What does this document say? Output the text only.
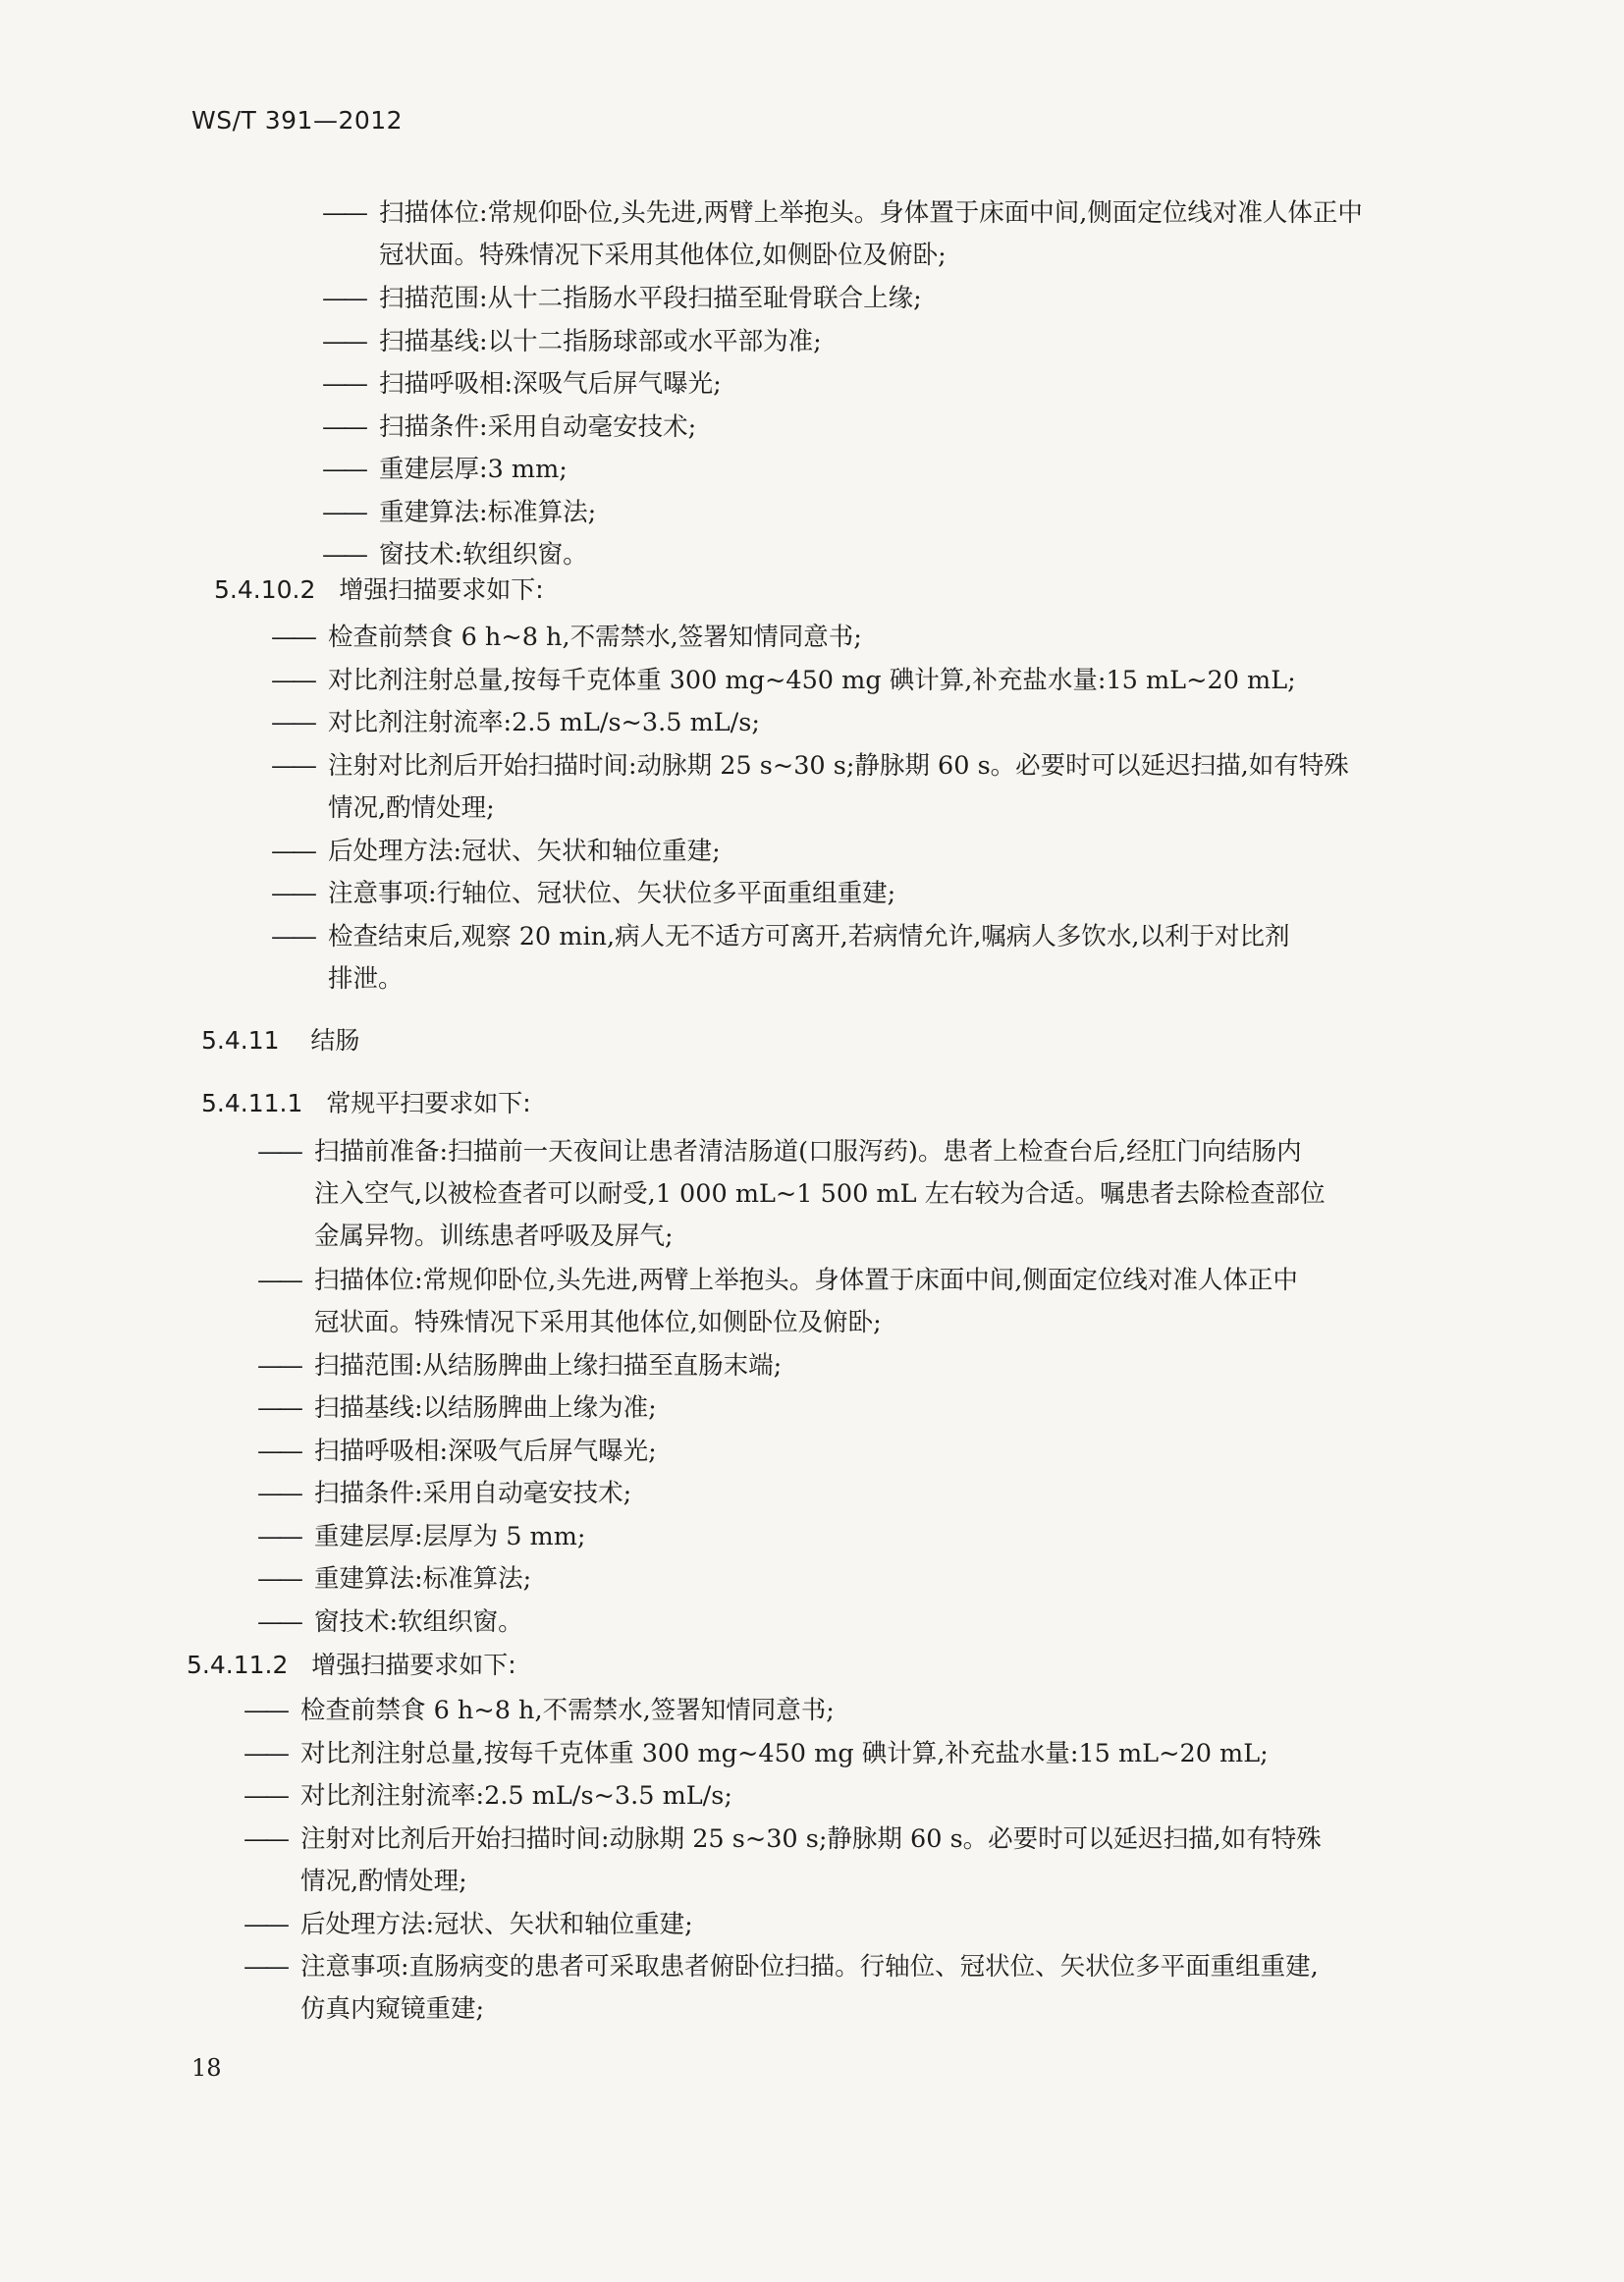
WS/T 391—2012
—— 扫描体位:常规仰卧位,头先进,两臂上举抱头。身体置于床面中间,侧面定位线对准人体正中
冠状面。特殊情况下采用其他体位,如侧卧位及俯卧;
—— 扫描范围:从十二指肠水平段扫描至耻骨联合上缘;
—— 扫描基线:以十二指肠球部或水平部为准;
—— 扫描呼吸相:深吸气后屏气曝光;
—— 扫描条件:采用自动毫安技术;
—— 重建层厚:3 mm;
—— 重建算法:标准算法;
—— 窗技术:软组织窗。
5.4.10.2 增强扫描要求如下:
—— 检查前禁食 6 h~8 h,不需禁水,签署知情同意书;
—— 对比剂注射总量,按每千克体重 300 mg~450 mg 碘计算,补充盐水量:15 mL~20 mL;
—— 对比剂注射流率:2.5 mL/s~3.5 mL/s;
—— 注射对比剂后开始扫描时间:动脉期 25 s~30 s;静脉期 60 s。必要时可以延迟扫描,如有特殊
情况,酌情处理;
—— 后处理方法:冠状、矢状和轴位重建;
—— 注意事项:行轴位、冠状位、矢状位多平面重组重建;
—— 检查结束后,观察 20 min,病人无不适方可离开,若病情允许,嘱病人多饮水,以利于对比剂
排泄。
5.4.11 结肠
5.4.11.1 常规平扫要求如下:
—— 扫描前准备:扫描前一天夜间让患者清洁肠道(口服泻药)。患者上检查台后,经肛门向结肠内
注入空气,以被检查者可以耐受,1 000 mL~1 500 mL 左右较为合适。嘱患者去除检查部位
金属异物。训练患者呼吸及屏气;
—— 扫描体位:常规仰卧位,头先进,两臂上举抱头。身体置于床面中间,侧面定位线对准人体正中
冠状面。特殊情况下采用其他体位,如侧卧位及俯卧;
—— 扫描范围:从结肠脾曲上缘扫描至直肠末端;
—— 扫描基线:以结肠脾曲上缘为准;
—— 扫描呼吸相:深吸气后屏气曝光;
—— 扫描条件:采用自动毫安技术;
—— 重建层厚:层厚为 5 mm;
—— 重建算法:标准算法;
—— 窗技术:软组织窗。
5.4.11.2 增强扫描要求如下:
—— 检查前禁食 6 h~8 h,不需禁水,签署知情同意书;
—— 对比剂注射总量,按每千克体重 300 mg~450 mg 碘计算,补充盐水量:15 mL~20 mL;
—— 对比剂注射流率:2.5 mL/s~3.5 mL/s;
—— 注射对比剂后开始扫描时间:动脉期 25 s~30 s;静脉期 60 s。必要时可以延迟扫描,如有特殊
情况,酌情处理;
—— 后处理方法:冠状、矢状和轴位重建;
—— 注意事项:直肠病变的患者可采取患者俯卧位扫描。行轴位、冠状位、矢状位多平面重组重建,
仿真内窥镜重建;
18
